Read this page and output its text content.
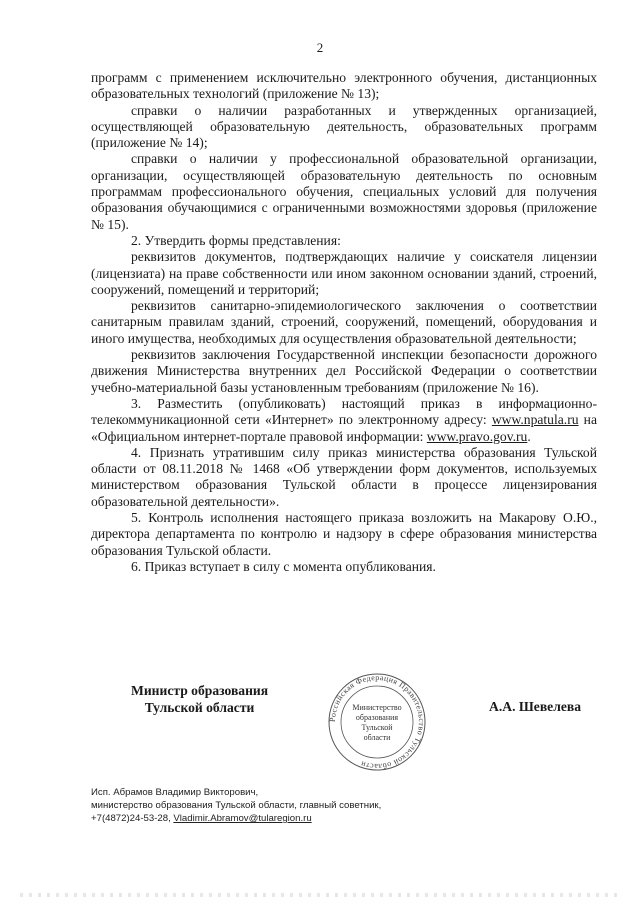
2

программ с применением исключительно электронного обучения, дистанционных образовательных технологий (приложение № 13);

справки о наличии разработанных и утвержденных организацией, осуществляющей образовательную деятельность, образовательных программ (приложение № 14);

справки о наличии у профессиональной образовательной организации, организации, осуществляющей образовательную деятельность по основным программам профессионального обучения, специальных условий для получения образования обучающимися с ограниченными возможностями здоровья (приложение № 15).

2. Утвердить формы представления:

реквизитов документов, подтверждающих наличие у соискателя лицензии (лицензиата) на праве собственности или ином законном основании зданий, строений, сооружений, помещений и территорий;

реквизитов санитарно-эпидемиологического заключения о соответствии санитарным правилам зданий, строений, сооружений, помещений, оборудования и иного имущества, необходимых для осуществления образовательной деятельности;

реквизитов заключения Государственной инспекции безопасности дорожного движения Министерства внутренних дел Российской Федерации о соответствии учебно-материальной базы установленным требованиям (приложение № 16).

3. Разместить (опубликовать) настоящий приказ в информационно-телекоммуникационной сети «Интернет» по электронному адресу: www.npatula.ru на «Официальном интернет-портале правовой информации: www.pravo.gov.ru.

4. Признать утратившим силу приказ министерства образования Тульской области от 08.11.2018 № 1468 «Об утверждении форм документов, используемых министерством образования Тульской области в процессе лицензирования образовательной деятельности».

5. Контроль исполнения настоящего приказа возложить на Макарову О.Ю., директора департамента по контролю и надзору в сфере образования министерства образования Тульской области.

6. Приказ вступает в силу с момента опубликования.

Министр образования
Тульской области
Российская Федерация Правительство Тульской области
Министерство
образования
Тульской
области
А.А. Шевелева
Исп. Абрамов Владимир Викторович,
министерство образования Тульской области, главный советник,
+7(4872)24-53-28, Vladimir.Abramov@tularegion.ru
